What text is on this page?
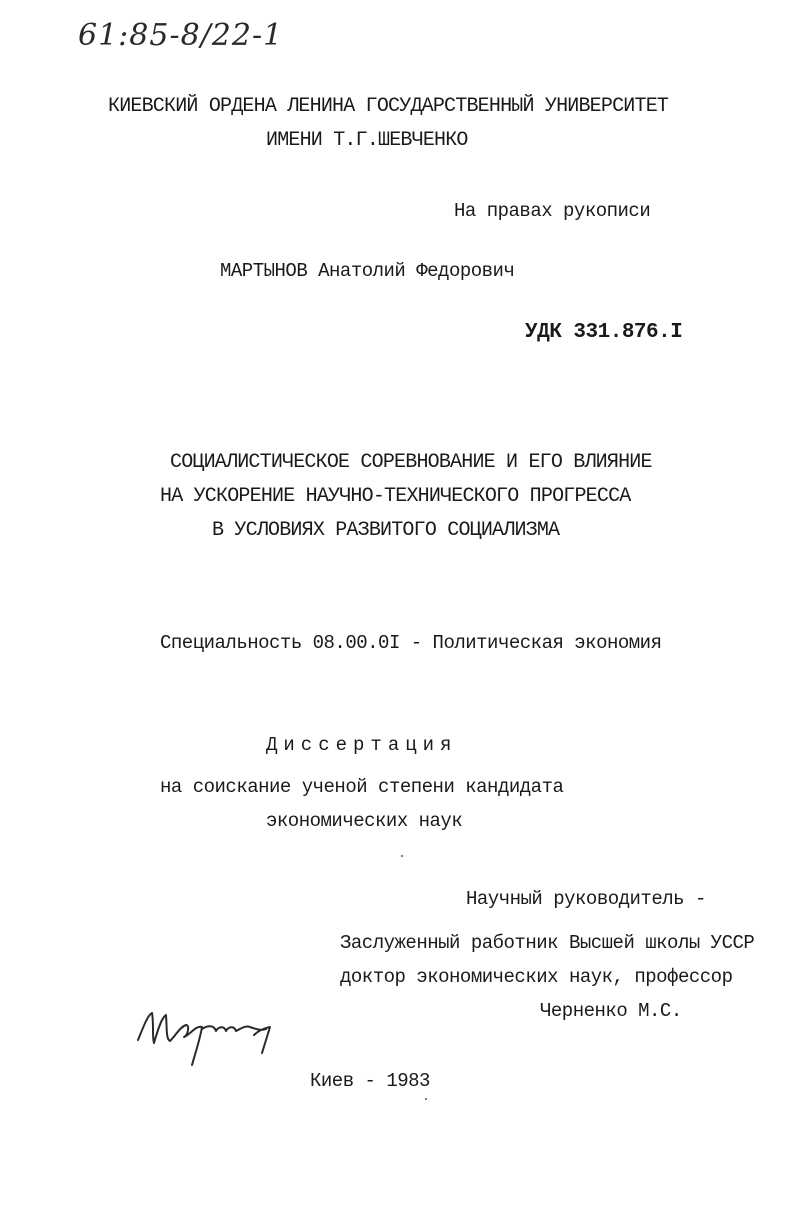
61:85-8/22-1
КИЕВСКИЙ ОРДЕНА ЛЕНИНА ГОСУДАРСТВЕННЫЙ УНИВЕРСИТЕТ
ИМЕНИ Т.Г.ШЕВЧЕНКО
На правах рукописи
МАРТЫНОВ Анатолий Федорович
УДК 331.876.I
СОЦИАЛИСТИЧЕСКОЕ СОРЕВНОВАНИЕ И ЕГО ВЛИЯНИЕ
НА УСКОРЕНИЕ НАУЧНО-ТЕХНИЧЕСКОГО ПРОГРЕССА
В УСЛОВИЯХ РАЗВИТОГО СОЦИАЛИЗМА
Специальность 08.00.0I - Политическая экономия
Диссертация
на соискание ученой степени кандидата
экономических наук
Научный руководитель -
Заслуженный работник Высшей школы УССР
доктор экономических наук, профессор
Черненко М.С.
Киев - 1983
